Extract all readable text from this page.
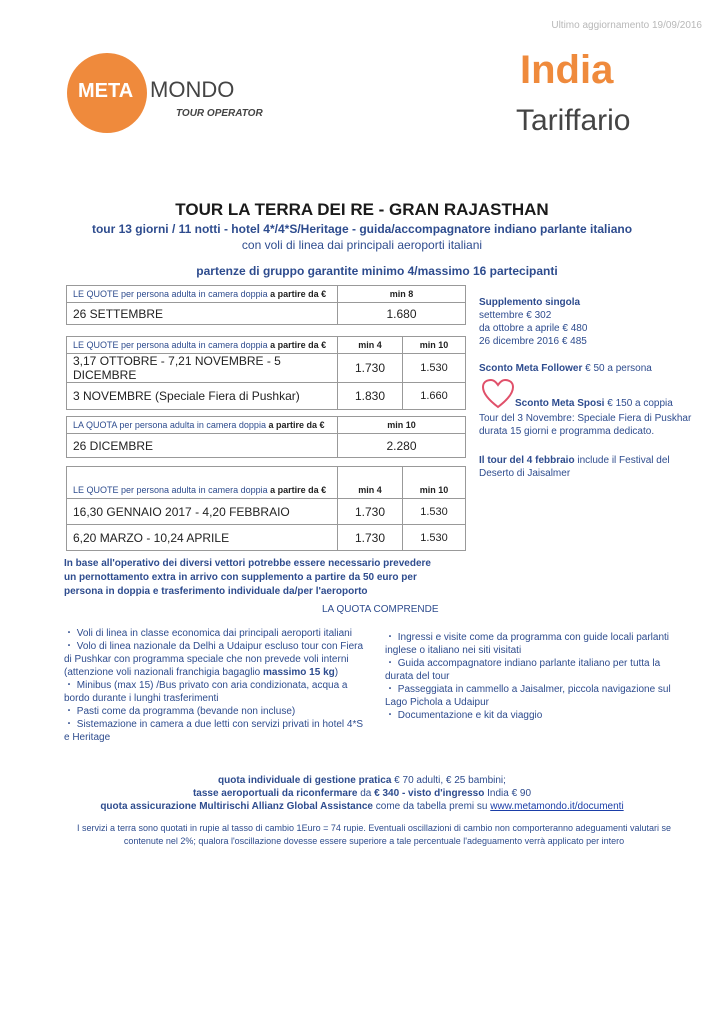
Ultimo aggiornamento 19/09/2016
META MONDO
TOUR OPERATOR
India
Tariffario
TOUR LA TERRA DEI RE - GRAN RAJASTHAN
tour 13 giorni / 11 notti - hotel 4*/4*S/Heritage - guida/accompagnatore indiano parlante italiano
con voli di linea dai principali aeroporti italiani
partenze di gruppo garantite minimo 4/massimo 16 partecipanti
LE QUOTE per persona adulta in camera doppia a partire da €	min 8
26 SETTEMBRE	1.680
LE QUOTE per persona adulta in camera doppia a partire da €	min 4	min 10
3,17 OTTOBRE - 7,21 NOVEMBRE - 5 DICEMBRE	1.730	1.530
3 NOVEMBRE (Speciale Fiera di Pushkar)	1.830	1.660
LA QUOTA per persona adulta in camera doppia a partire da €	min 10
26 DICEMBRE	2.280
LE QUOTE per persona adulta in camera doppia a partire da €	min 4	min 10
16,30 GENNAIO 2017 - 4,20 FEBBRAIO	1.730	1.530
6,20 MARZO - 10,24 APRILE	1.730	1.530
Supplemento singola
settembre € 302
da ottobre a aprile € 480
26 dicembre 2016 € 485
Sconto Meta Follower € 50 a persona
Sconto Meta Sposi € 150 a coppia
Tour del 3 Novembre: Speciale Fiera di Puskhar durata 15 giorni e programma dedicato.
Il tour del 4 febbraio include il Festival del Deserto di Jaisalmer
In base all'operativo dei diversi vettori potrebbe essere necessario prevedere un pernottamento extra in arrivo con supplemento a partire da 50 euro per persona in doppia e trasferimento individuale da/per l'aeroporto
LA QUOTA COMPRENDE
・ Voli di linea in classe economica dai principali aeroporti italiani
・ Volo di linea nazionale da Delhi a Udaipur escluso tour con Fiera di Pushkar con programma speciale che non prevede voli interni (attenzione voli nazionali franchigia bagaglio massimo 15 kg)
・ Minibus (max 15) /Bus privato con aria condizionata, acqua a bordo durante i lunghi trasferimenti
・ Pasti come da programma (bevande non incluse)
・ Sistemazione in camera a due letti con servizi privati in hotel 4*S e Heritage
・ Ingressi e visite come da programma con guide locali parlanti inglese o italiano nei siti visitati
・ Guida accompagnatore indiano parlante italiano per tutta la durata del tour
・ Passeggiata in cammello a Jaisalmer, piccola navigazione sul Lago Pichola a Udaipur
・ Documentazione e kit da viaggio
quota individuale di gestione pratica € 70 adulti, € 25 bambini;
tasse aeroportuali da riconfermare da € 340 - visto d'ingresso India € 90
quota assicurazione Multirischi Allianz Global Assistance come da tabella premi su www.metamondo.it/documenti
I servizi a terra sono quotati in rupie al tasso di cambio 1Euro = 74 rupie. Eventuali oscillazioni di cambio non comporteranno adeguamenti valutari se contenute nel 2%; qualora l'oscillazione dovesse essere superiore a tale percentuale l'adeguamento verrà applicato per intero
